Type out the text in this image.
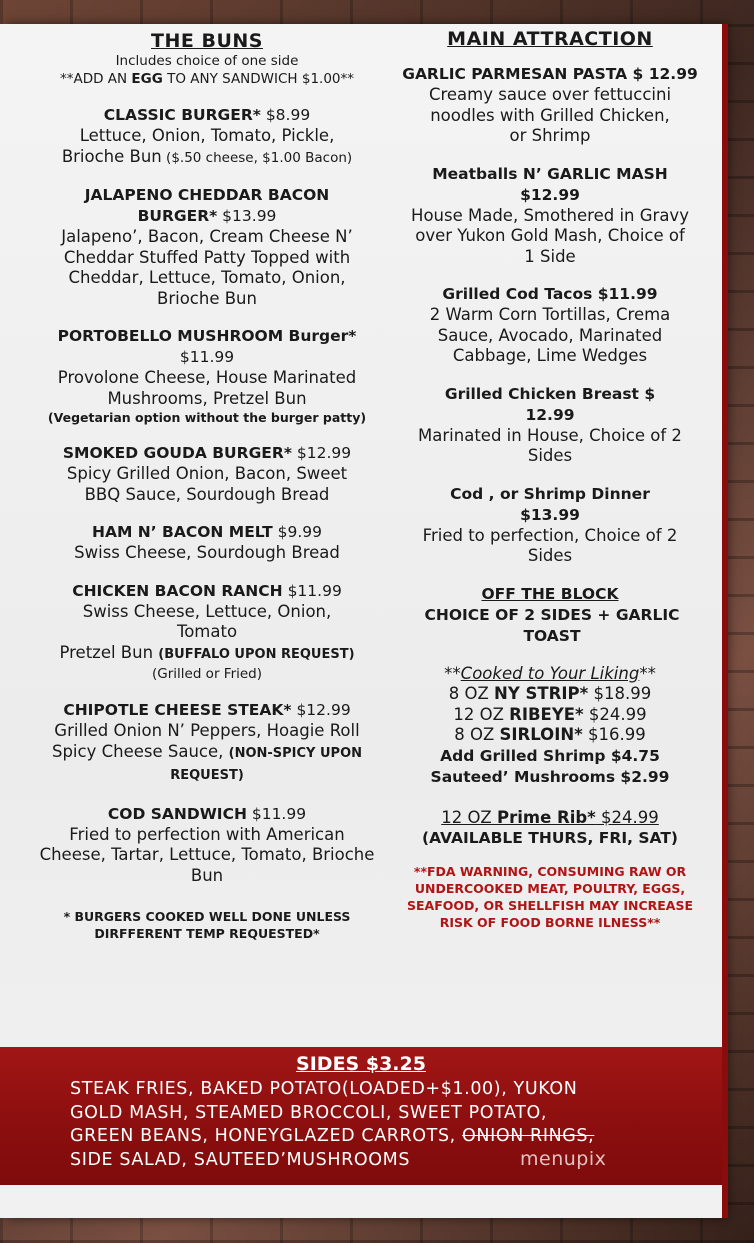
THE BUNS
Includes choice of one side
**ADD AN EGG TO ANY SANDWICH $1.00**
CLASSIC BURGER* $8.99
Lettuce, Onion, Tomato, Pickle,
Brioche Bun ($.50 cheese, $1.00 Bacon)
JALAPENO CHEDDAR BACON BURGER* $13.99
Jalapeno’, Bacon, Cream Cheese N’ Cheddar Stuffed Patty Topped with Cheddar, Lettuce, Tomato, Onion, Brioche Bun
PORTOBELLO MUSHROOM Burger*
$11.99
Provolone Cheese, House Marinated Mushrooms, Pretzel Bun
(Vegetarian option without the burger patty)
SMOKED GOUDA BURGER* $12.99
Spicy Grilled Onion, Bacon, Sweet BBQ Sauce, Sourdough Bread
HAM N’ BACON MELT $9.99
Swiss Cheese, Sourdough Bread
CHICKEN BACON RANCH $11.99
Swiss Cheese, Lettuce, Onion, Tomato
Pretzel Bun (BUFFALO UPON REQUEST)
(Grilled or Fried)
CHIPOTLE CHEESE STEAK* $12.99
Grilled Onion N’ Peppers, Hoagie Roll
Spicy Cheese Sauce, (NON-SPICY UPON REQUEST)
COD SANDWICH $11.99
Fried to perfection with American Cheese, Tartar, Lettuce, Tomato, Brioche Bun
* BURGERS COOKED WELL DONE UNLESS DIRFFERENT TEMP REQUESTED*
MAIN ATTRACTION
GARLIC PARMESAN PASTA $ 12.99
Creamy sauce over fettuccini noodles with Grilled Chicken, or Shrimp
Meatballs N’ GARLIC MASH $12.99
House Made, Smothered in Gravy over Yukon Gold Mash, Choice of 1 Side
Grilled Cod Tacos $11.99
2 Warm Corn Tortillas, Crema Sauce, Avocado, Marinated Cabbage, Lime Wedges
Grilled Chicken Breast $ 12.99
Marinated in House, Choice of 2 Sides
Cod , or Shrimp Dinner $13.99
Fried to perfection, Choice of 2 Sides
OFF THE BLOCK
CHOICE OF 2 SIDES + GARLIC TOAST
**Cooked to Your Liking**
8 OZ NY STRIP* $18.99
12 OZ RIBEYE* $24.99
8 OZ SIRLOIN* $16.99
Add Grilled Shrimp $4.75
Sauteed’ Mushrooms $2.99
12 OZ Prime Rib* $24.99
(AVAILABLE THURS, FRI, SAT)
**FDA WARNING, CONSUMING RAW OR UNDERCOOKED MEAT, POULTRY, EGGS, SEAFOOD, OR SHELLFISH MAY INCREASE RISK OF FOOD BORNE ILNESS**
SIDES $3.25
STEAK FRIES, BAKED POTATO(LOADED+$1.00), YUKON
GOLD MASH, STEAMED BROCCOLI, SWEET POTATO,
GREEN BEANS, HONEYGLAZED CARROTS, ONION RINGS,
SIDE SALAD, SAUTEED’MUSHROOMS	menupix
